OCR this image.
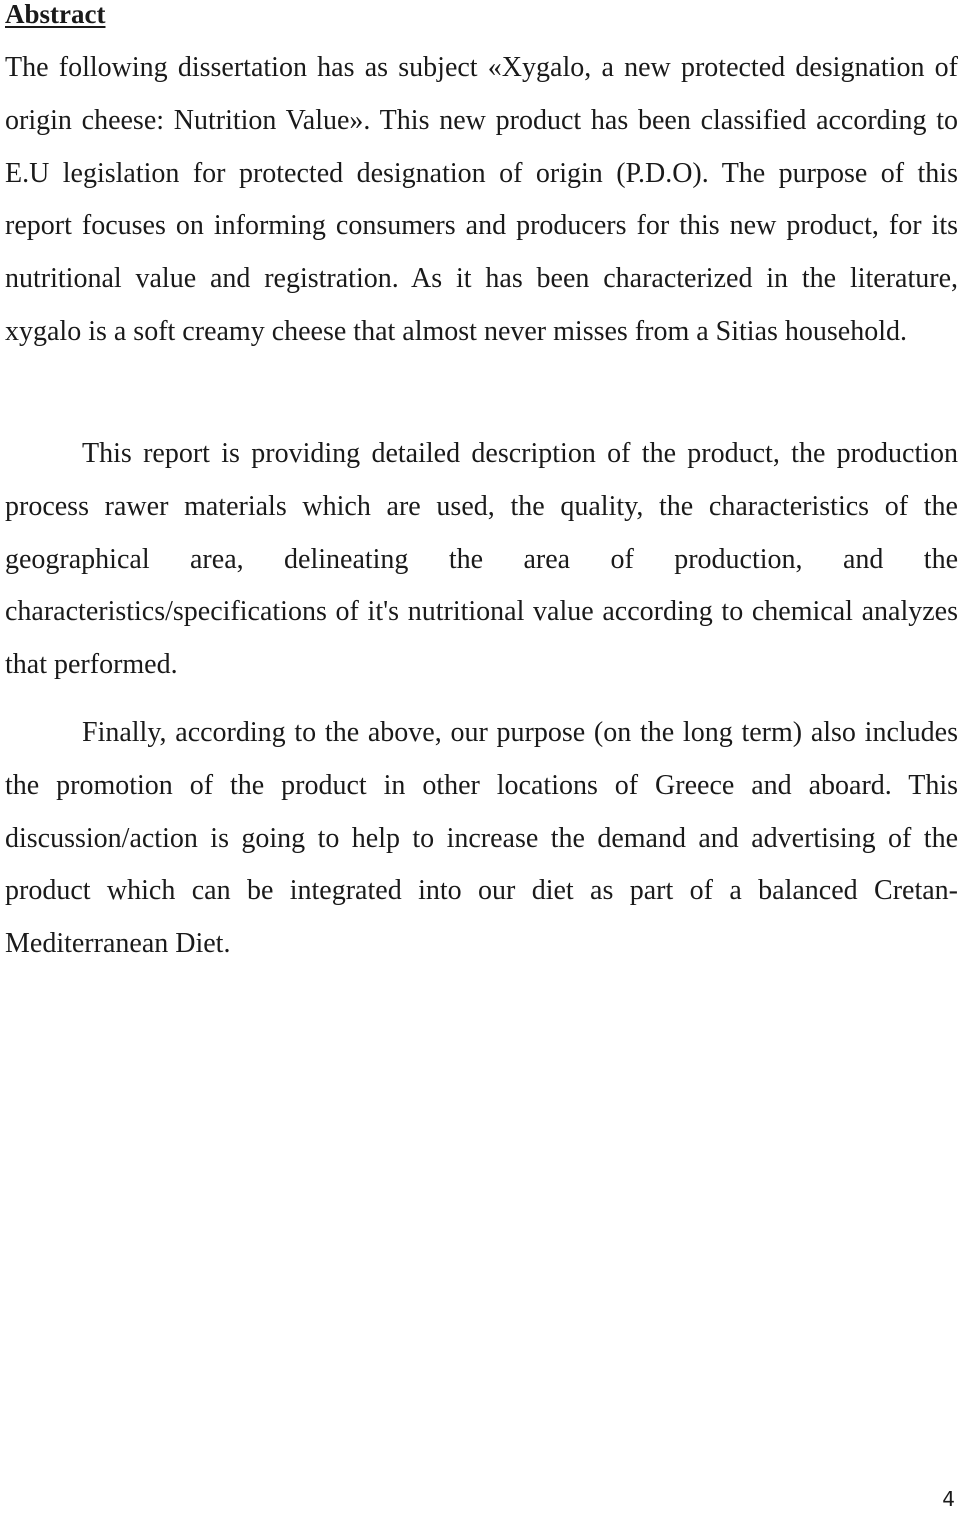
Abstract

The following dissertation has as subject «Xygalo, a new protected designation of origin cheese: Nutrition Value». This new product has been classified according to E.U legislation for protected designation of origin (P.D.O). The purpose of this report focuses on informing consumers and producers for this new product, for its nutritional value and registration. As it has been characterized in the literature, xygalo is a soft creamy cheese that almost never misses from a Sitias household.

This report is providing detailed description of the product, the production process rawer materials which are used, the quality, the characteristics of the geographical area, delineating the area of production, and the characteristics/specifications of it's nutritional value according to chemical analyzes that performed.

Finally, according to the above, our purpose (on the long term) also includes the promotion of the product in other locations of Greece and aboard. This discussion/action is going to help to increase the demand and advertising of the product which can be integrated into our diet as part of a balanced Cretan-Mediterranean Diet.

4
